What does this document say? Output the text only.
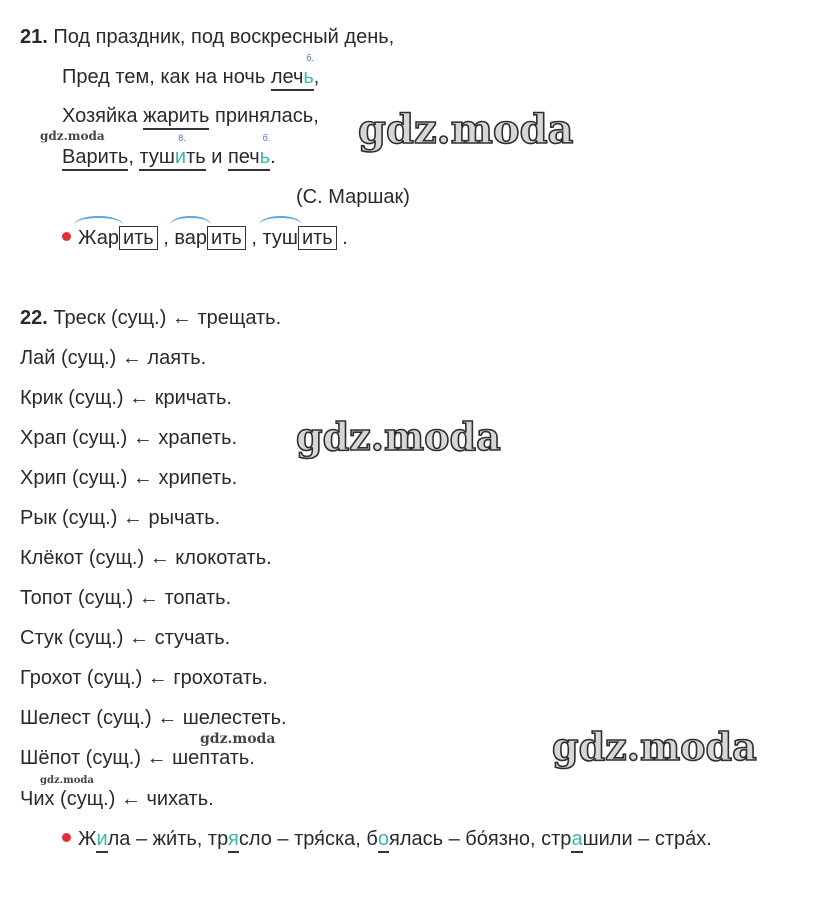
21. Под праздник, под воскресный день,
Пред тем, как на ночь лечь
б.
,
Хозяйка жарить принялась,
Варить, туши
8.
ть и печь
б.
.
(С. Маршак)
Жар ить , вар ить , туш ить .
22. Треск (сущ.) ← трещать.
Лай (сущ.) ← лаять.
Крик (сущ.) ← кричать.
Храп (сущ.) ← храпеть.
Хрип (сущ.) ← хрипеть.
Рык (сущ.) ← рычать.
Клёкот (сущ.) ← клокотать.
Топот (сущ.) ← топать.
Стук (сущ.) ← стучать.
Грохот (сущ.) ← грохотать.
Шелест (сущ.) ← шелестеть.
Шёпот (сущ.) ← шептать.
Чих (сущ.) ← чихать.
Жила – жи́ть, трясло – тря́ска, боялась – бо́язно, страшили – стра́х.
gdz.moda
gdz.moda
gdz.moda
gdz.moda
gdz.moda
gdz.moda
